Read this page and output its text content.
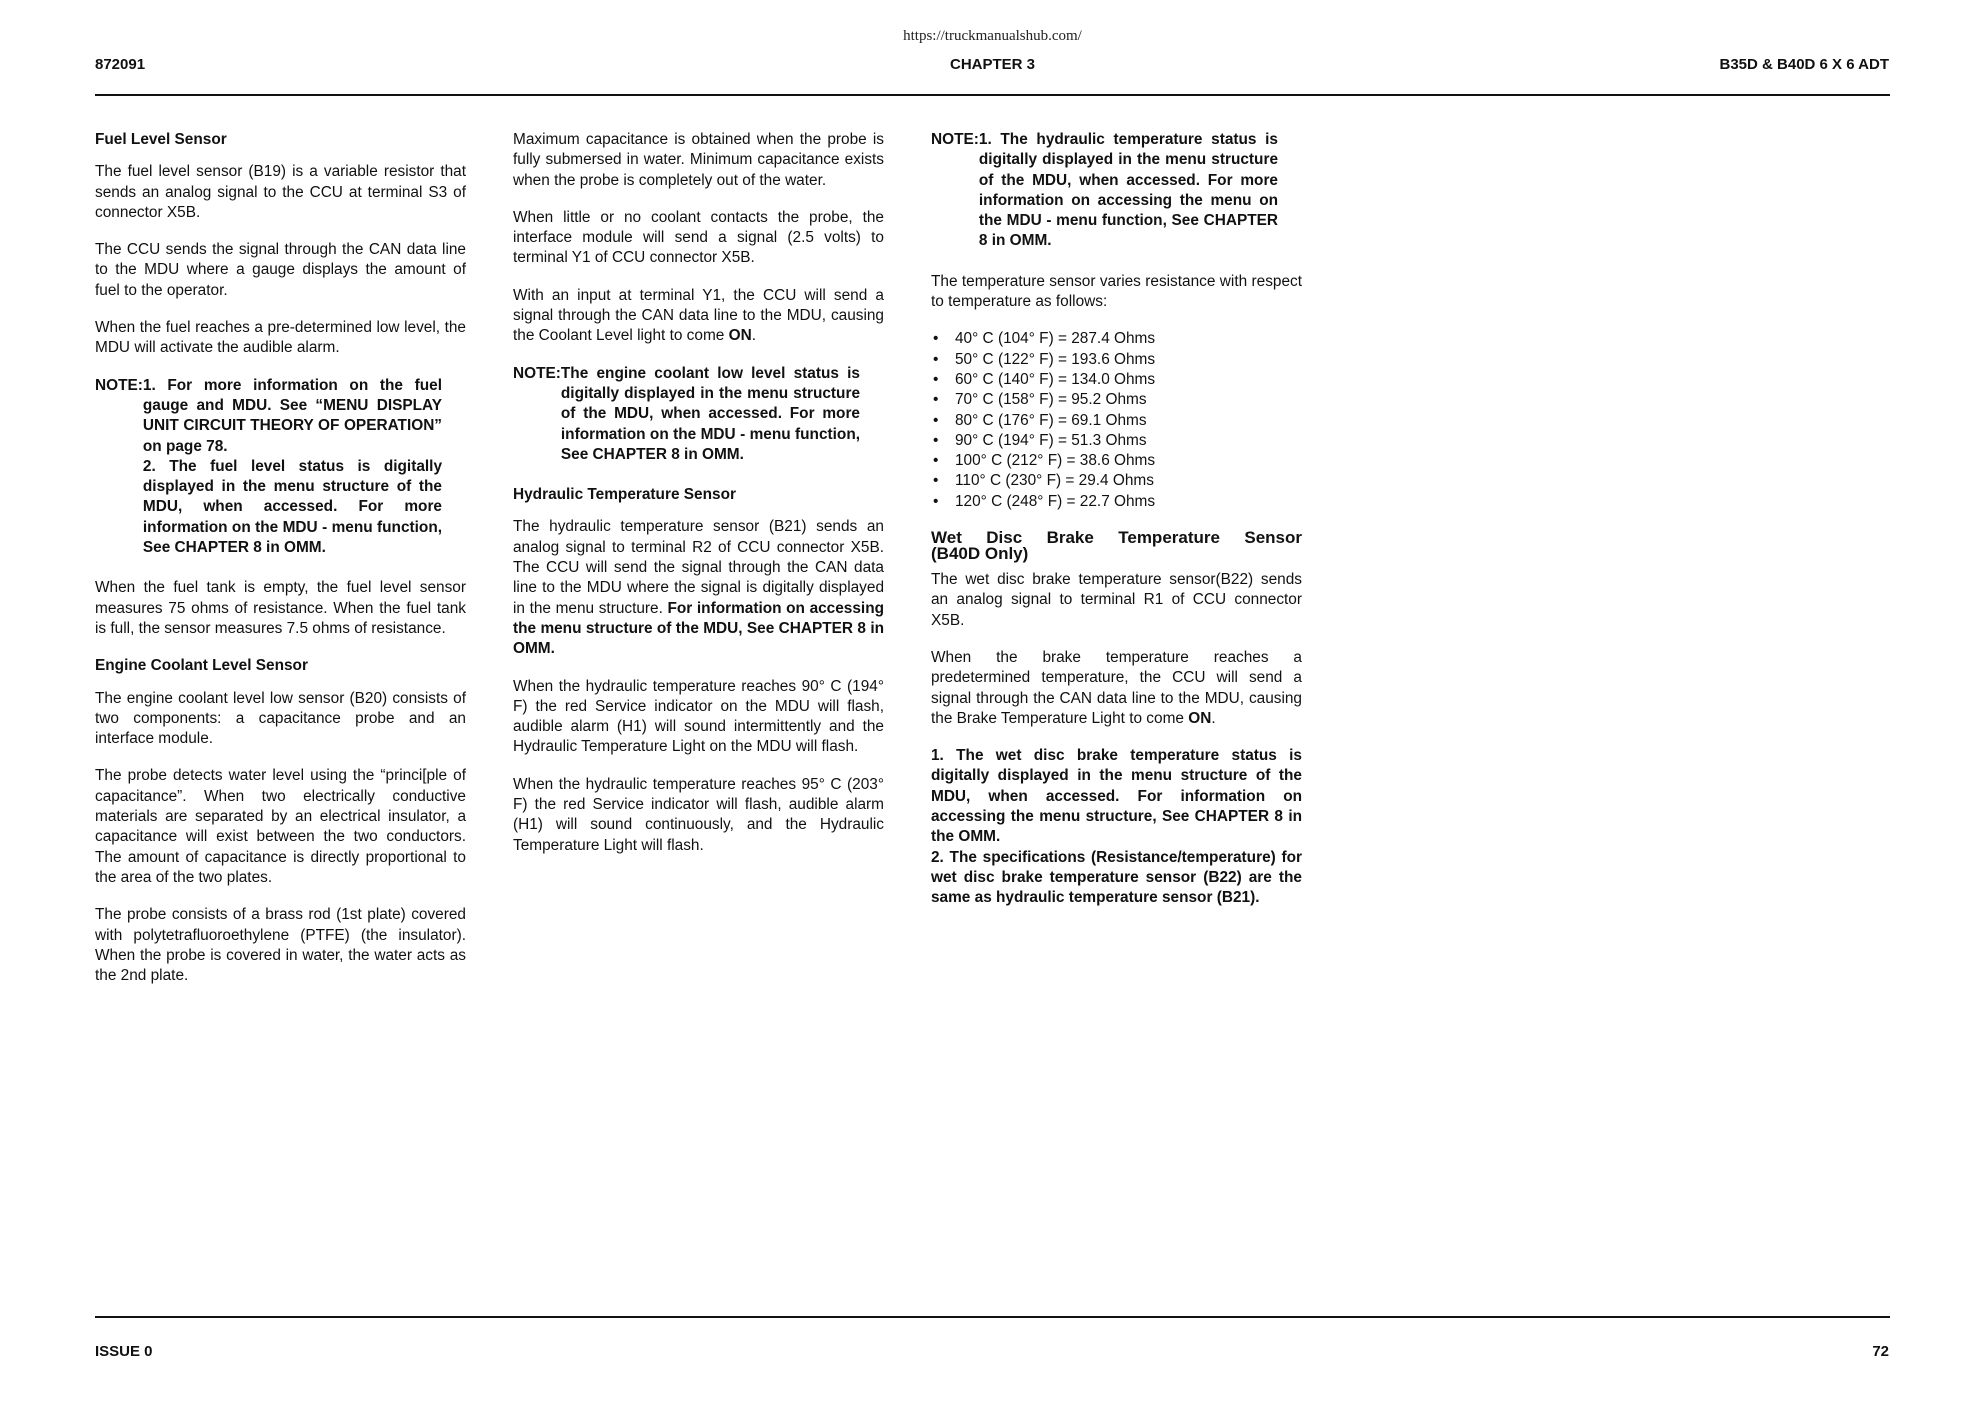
https://truckmanualshub.com/
872091	CHAPTER 3	B35D & B40D 6 X 6 ADT
Fuel Level Sensor

The fuel level sensor (B19) is a variable resistor that sends an analog signal to the CCU at terminal S3 of connector X5B.

The CCU sends the signal through the CAN data line to the MDU where a gauge displays the amount of fuel to the operator.

When the fuel reaches a pre-determined low level, the MDU will activate the audible alarm.

NOTE: 1. For more information on the fuel gauge and MDU. See “MENU DISPLAY UNIT CIRCUIT THEORY OF OPERATION” on page 78.
2. The fuel level status is digitally displayed in the menu structure of the MDU, when accessed. For more information on the MDU - menu function, See CHAPTER 8 in OMM.

When the fuel tank is empty, the fuel level sensor measures 75 ohms of resistance. When the fuel tank is full, the sensor measures 7.5 ohms of resistance.

Engine Coolant Level Sensor

The engine coolant level low sensor (B20) consists of two components: a capacitance probe and an interface module.

The probe detects water level using the “princi[ple of capacitance”. When two electrically conductive materials are separated by an electrical insulator, a capacitance will exist between the two conductors. The amount of capacitance is directly proportional to the area of the two plates.

The probe consists of a brass rod (1st plate) covered with polytetrafluoroethylene (PTFE) (the insulator). When the probe is covered in water, the water acts as the 2nd plate.

Maximum capacitance is obtained when the probe is fully submersed in water. Minimum capacitance exists when the probe is completely out of the water.

When little or no coolant contacts the probe, the interface module will send a signal (2.5 volts) to terminal Y1 of CCU connector X5B.

With an input at terminal Y1, the CCU will send a signal through the CAN data line to the MDU, causing the Coolant Level light to come ON.

NOTE: The engine coolant low level status is digitally displayed in the menu structure of the MDU, when accessed. For more information on the MDU - menu function, See CHAPTER 8 in OMM.
Hydraulic Temperature Sensor

The hydraulic temperature sensor (B21) sends an analog signal to terminal R2 of CCU connector X5B. The CCU will send the signal through the CAN data line to the MDU where the signal is digitally displayed in the menu structure. For information on accessing the menu structure of the MDU, See CHAPTER 8 in OMM.

When the hydraulic temperature reaches 90° C (194° F) the red Service indicator on the MDU will flash, audible alarm (H1) will sound intermittently and the Hydraulic Temperature Light on the MDU will flash.

When the hydraulic temperature reaches 95° C (203° F) the red Service indicator will flash, audible alarm (H1) will sound continuously, and the Hydraulic Temperature Light will flash.

NOTE: 1. The hydraulic temperature status is digitally displayed in the menu structure of the MDU, when accessed. For more information on accessing the menu on the MDU - menu function, See CHAPTER 8 in OMM.

The temperature sensor varies resistance with respect to temperature as follows:

• 40° C (104° F) = 287.4 Ohms
• 50° C (122° F) = 193.6 Ohms
• 60° C (140° F) = 134.0 Ohms
• 70° C (158° F) = 95.2 Ohms
• 80° C (176° F) = 69.1 Ohms
• 90° C (194° F) = 51.3 Ohms
• 100° C (212° F) = 38.6 Ohms
• 110° C (230° F) = 29.4 Ohms
• 120° C (248° F) = 22.7 Ohms
Wet Disc Brake Temperature Sensor
(B40D Only)

The wet disc brake temperature sensor(B22) sends an analog signal to terminal R1 of CCU connector X5B.

When the brake temperature reaches a predetermined temperature, the CCU will send a signal through the CAN data line to the MDU, causing the Brake Temperature Light to come ON.

1. The wet disc brake temperature status is digitally displayed in the menu structure of the MDU, when accessed. For information on accessing the menu structure, See CHAPTER 8 in the OMM.

2. The specifications (Resistance/temperature) for wet disc brake temperature sensor (B22) are the same as hydraulic temperature sensor (B21).

ISSUE 0	72
